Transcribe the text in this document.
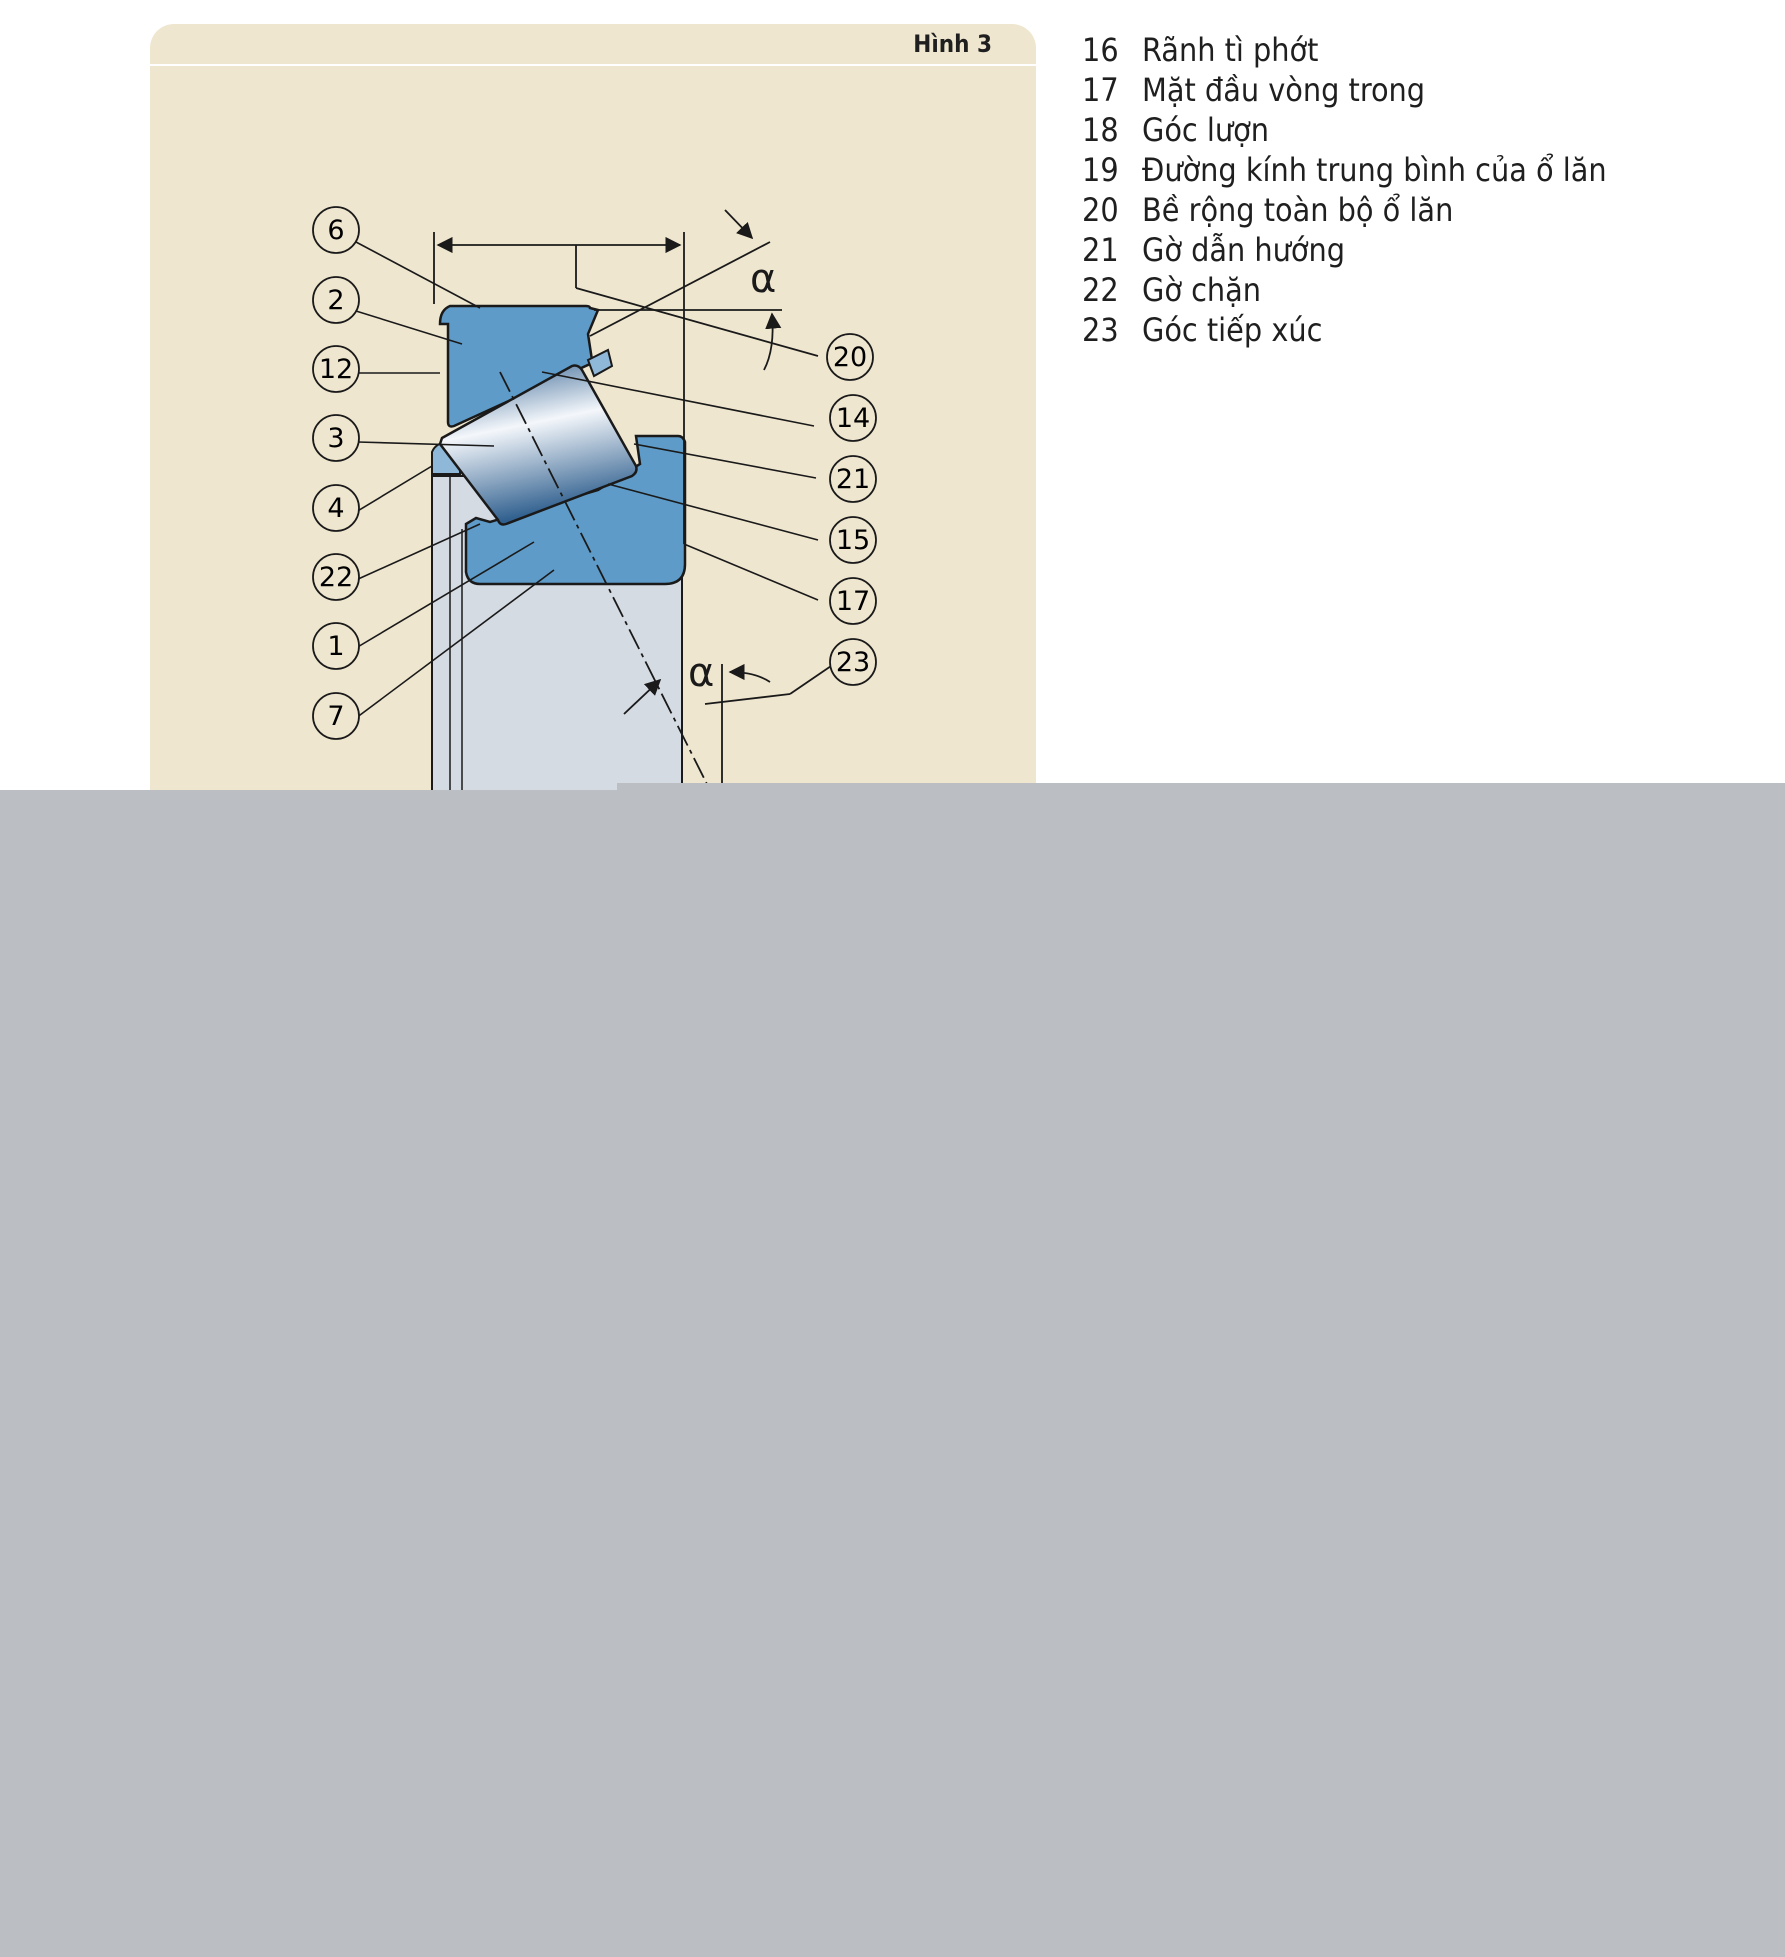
Hình 3
α
α
6
2
12
3
4
22
1
7
20
14
21
15
17
23
16 Rãnh tì phớt
17 Mặt đầu vòng trong
18 Góc lượn
19 Đường kính trung bình của ổ lăn
20 Bề rộng toàn bộ ổ lăn
21 Gờ dẫn hướng
22 Gờ chặn
23 Góc tiếp xúc
